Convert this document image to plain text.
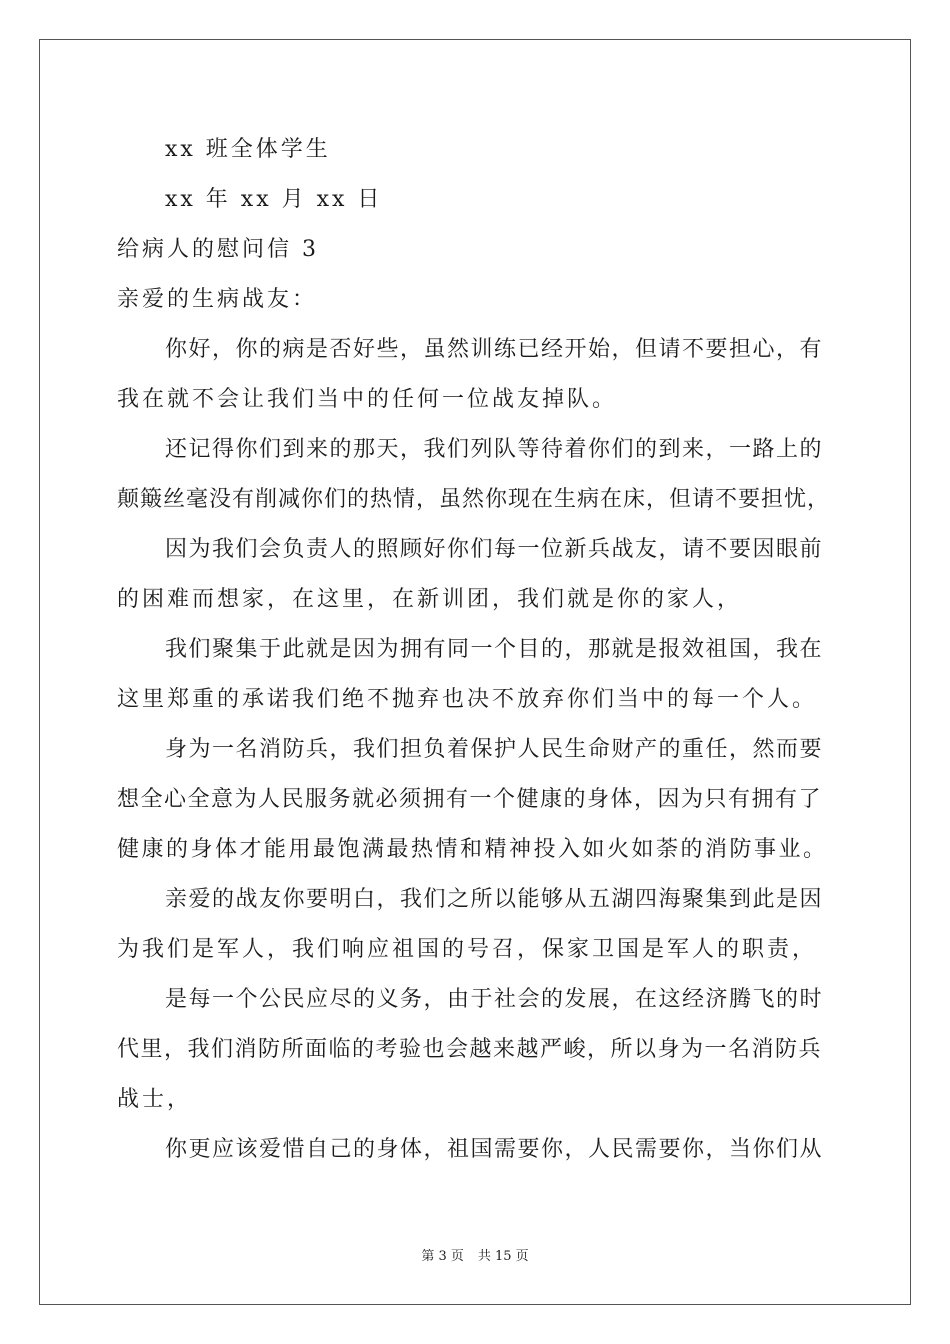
xx 班全体学生
xx 年 xx 月 xx 日
给病人的慰问信 3
亲爱的生病战友：
你好，你的病是否好些，虽然训练已经开始，但请不要担心，有
我在就不会让我们当中的任何一位战友掉队。
还记得你们到来的那天，我们列队等待着你们的到来，一路上的
颠簸丝毫没有削减你们的热情，虽然你现在生病在床，但请不要担忧，
因为我们会负责人的照顾好你们每一位新兵战友，请不要因眼前
的困难而想家，在这里，在新训团，我们就是你的家人，
我们聚集于此就是因为拥有同一个目的，那就是报效祖国，我在
这里郑重的承诺我们绝不抛弃也决不放弃你们当中的每一个人。
身为一名消防兵，我们担负着保护人民生命财产的重任，然而要
想全心全意为人民服务就必须拥有一个健康的身体，因为只有拥有了
健康的身体才能用最饱满最热情和精神投入如火如荼的消防事业。
亲爱的战友你要明白，我们之所以能够从五湖四海聚集到此是因
为我们是军人，我们响应祖国的号召，保家卫国是军人的职责，
是每一个公民应尽的义务，由于社会的发展，在这经济腾飞的时
代里，我们消防所面临的考验也会越来越严峻，所以身为一名消防兵
战士，
你更应该爱惜自己的身体，祖国需要你，人民需要你，当你们从
第 3 页 共 15 页
